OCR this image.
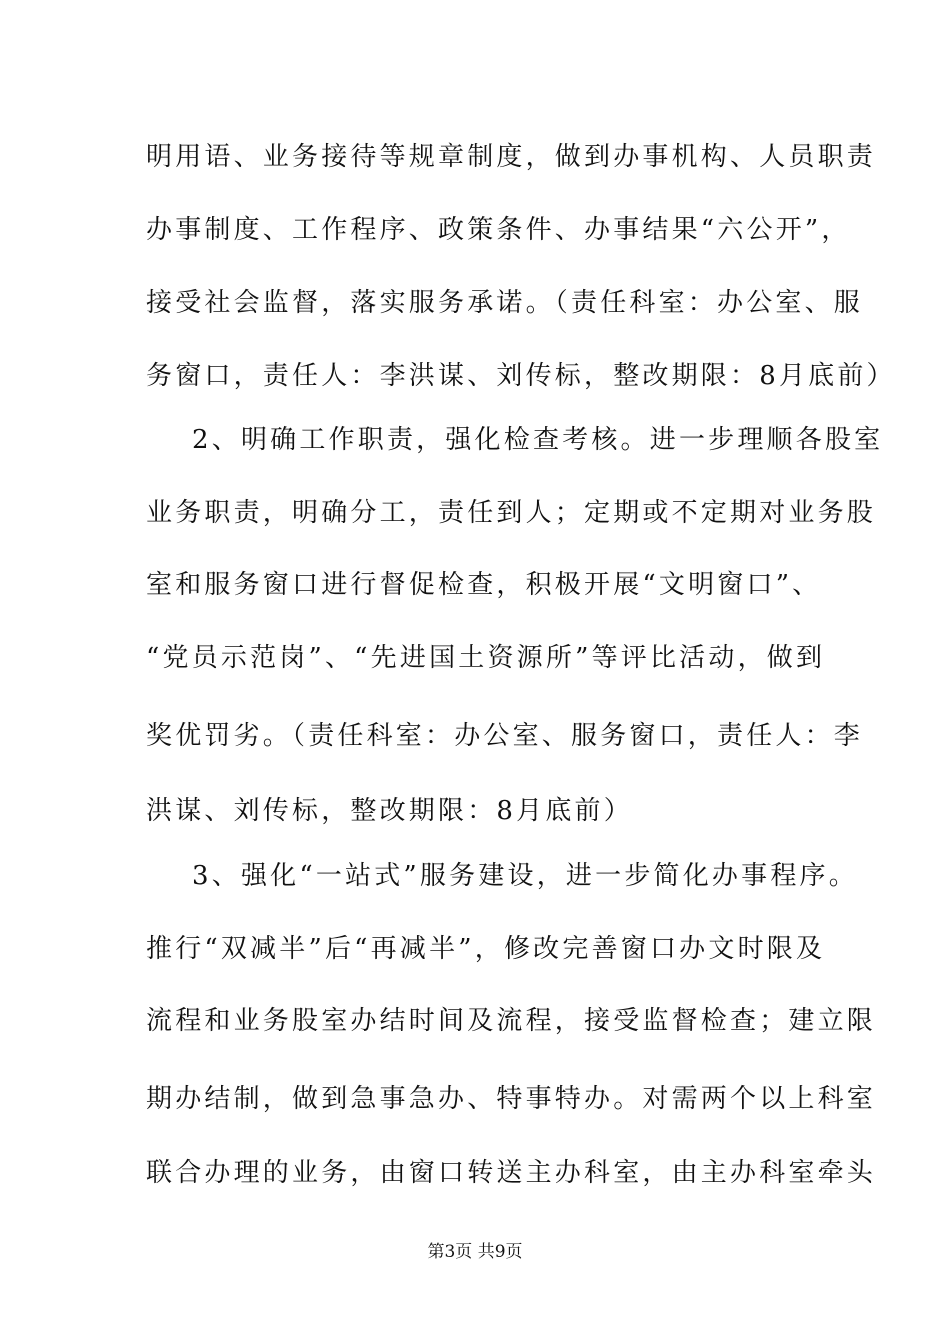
明用语、业务接待等规章制度，做到办事机构、人员职责
办事制度、工作程序、政策条件、办事结果“六公开”，
接受社会监督，落实服务承诺。（责任科室：办公室、服
务窗口，责任人：李洪谋、刘传标，整改期限：8月底前）
2、明确工作职责，强化检查考核。进一步理顺各股室
业务职责，明确分工，责任到人；定期或不定期对业务股
室和服务窗口进行督促检查，积极开展“文明窗口”、
“党员示范岗”、“先进国土资源所”等评比活动，做到
奖优罚劣。（责任科室：办公室、服务窗口，责任人：李
洪谋、刘传标，整改期限：8月底前）
3、强化“一站式”服务建设，进一步简化办事程序。
推行“双减半”后“再减半”，修改完善窗口办文时限及
流程和业务股室办结时间及流程，接受监督检查；建立限
期办结制，做到急事急办、特事特办。对需两个以上科室
联合办理的业务，由窗口转送主办科室，由主办科室牵头
第3页 共9页
